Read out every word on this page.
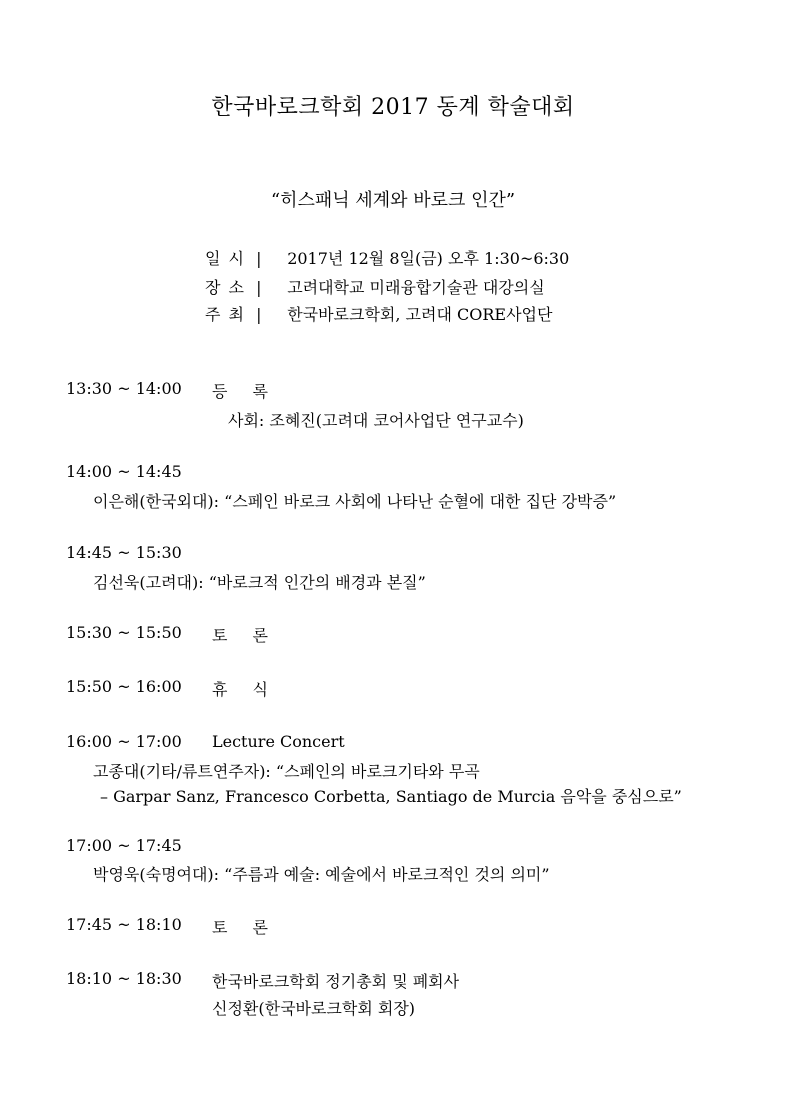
한국바로크학회 2017 동계 학술대회
“히스패닉 세계와 바로크 인간”
일시 | 2017년 12월 8일(금) 오후 1:30~6:30
장소 | 고려대학교 미래융합기술관 대강의실
주최 | 한국바로크학회, 고려대 CORE사업단
13:30 ~ 14:00 등 록
사회: 조혜진(고려대 코어사업단 연구교수)
14:00 ~ 14:45
이은해(한국외대): “스페인 바로크 사회에 나타난 순혈에 대한 집단 강박증”
14:45 ~ 15:30
김선욱(고려대): “바로크적 인간의 배경과 본질”
15:30 ~ 15:50 토 론
15:50 ~ 16:00 휴 식
16:00 ~ 17:00 Lecture Concert
고종대(기타/류트연주자): “스페인의 바로크기타와 무곡
– Garpar Sanz, Francesco Corbetta, Santiago de Murcia 음악을 중심으로”
17:00 ~ 17:45
박영욱(숙명여대): “주름과 예술: 예술에서 바로크적인 것의 의미”
17:45 ~ 18:10 토 론
18:10 ~ 18:30 한국바로크학회 정기총회 및 폐회사
신정환(한국바로크학회 회장)
